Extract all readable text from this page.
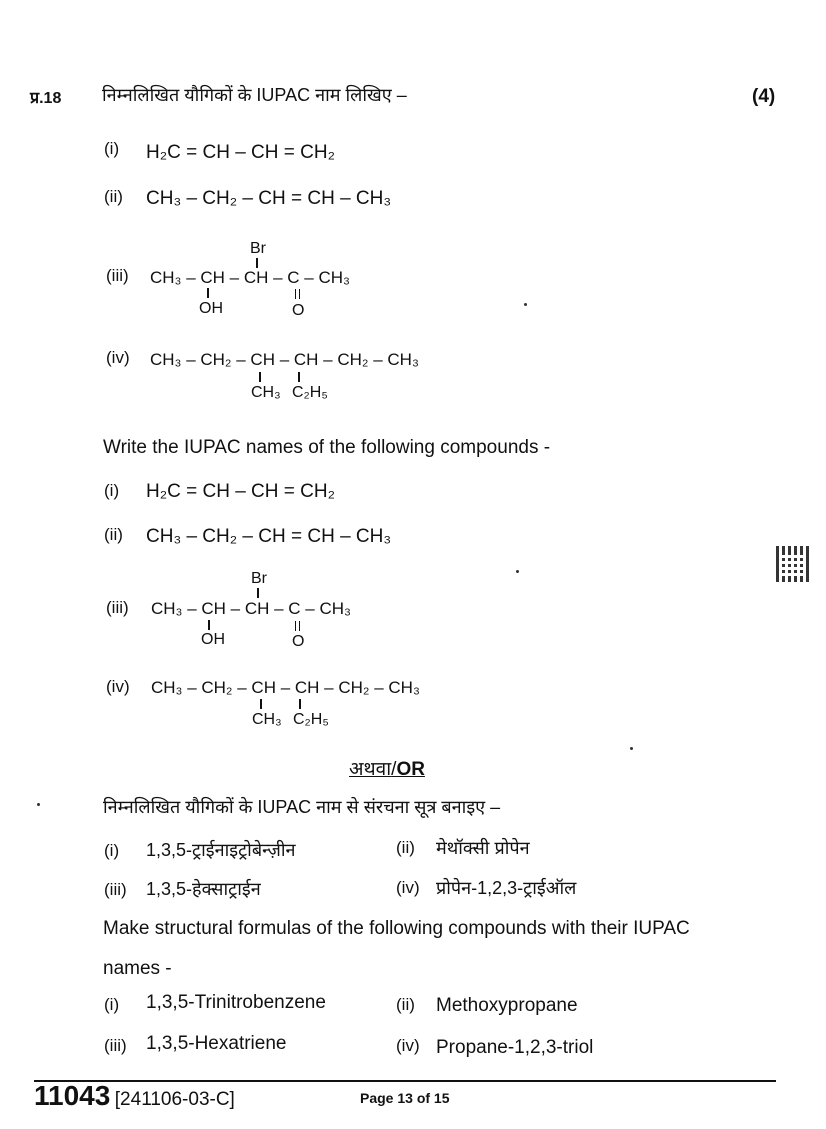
प्र.18 निम्नलिखित यौगिकों के IUPAC नाम लिखिए –	(4)
(i) H₂C = CH – CH = CH₂
(ii) CH₃ – CH₂ – CH = CH – CH₃
Br
(iii) CH₃ – CH – CH – C – CH₃
OH	O
(iv) CH₃ – CH₂ – CH – CH – CH₂ – CH₃
CH₃ C₂H₅
Write the IUPAC names of the following compounds -
(i) H₂C = CH – CH = CH₂
(ii) CH₃ – CH₂ – CH = CH – CH₃
Br
(iii) CH₃ – CH – CH – C – CH₃
OH	O
(iv) CH₃ – CH₂ – CH – CH – CH₂ – CH₃
CH₃ C₂H₅
अथवा/OR
निम्नलिखित यौगिकों के IUPAC नाम से संरचना सूत्र बनाइए –
(i) 1,3,5-ट्राईनाइट्रोबेन्ज़ीन	(ii) मेथॉक्सी प्रोपेन
(iii) 1,3,5-हेक्साट्राईन	(iv) प्रोपेन-1,2,3-ट्राईऑल
Make structural formulas of the following compounds with their IUPAC
names -
(i) 1,3,5-Trinitrobenzene	(ii) Methoxypropane
(iii) 1,3,5-Hexatriene	(iv) Propane-1,2,3-triol
11043 [241106-03-C]	Page 13 of 15
